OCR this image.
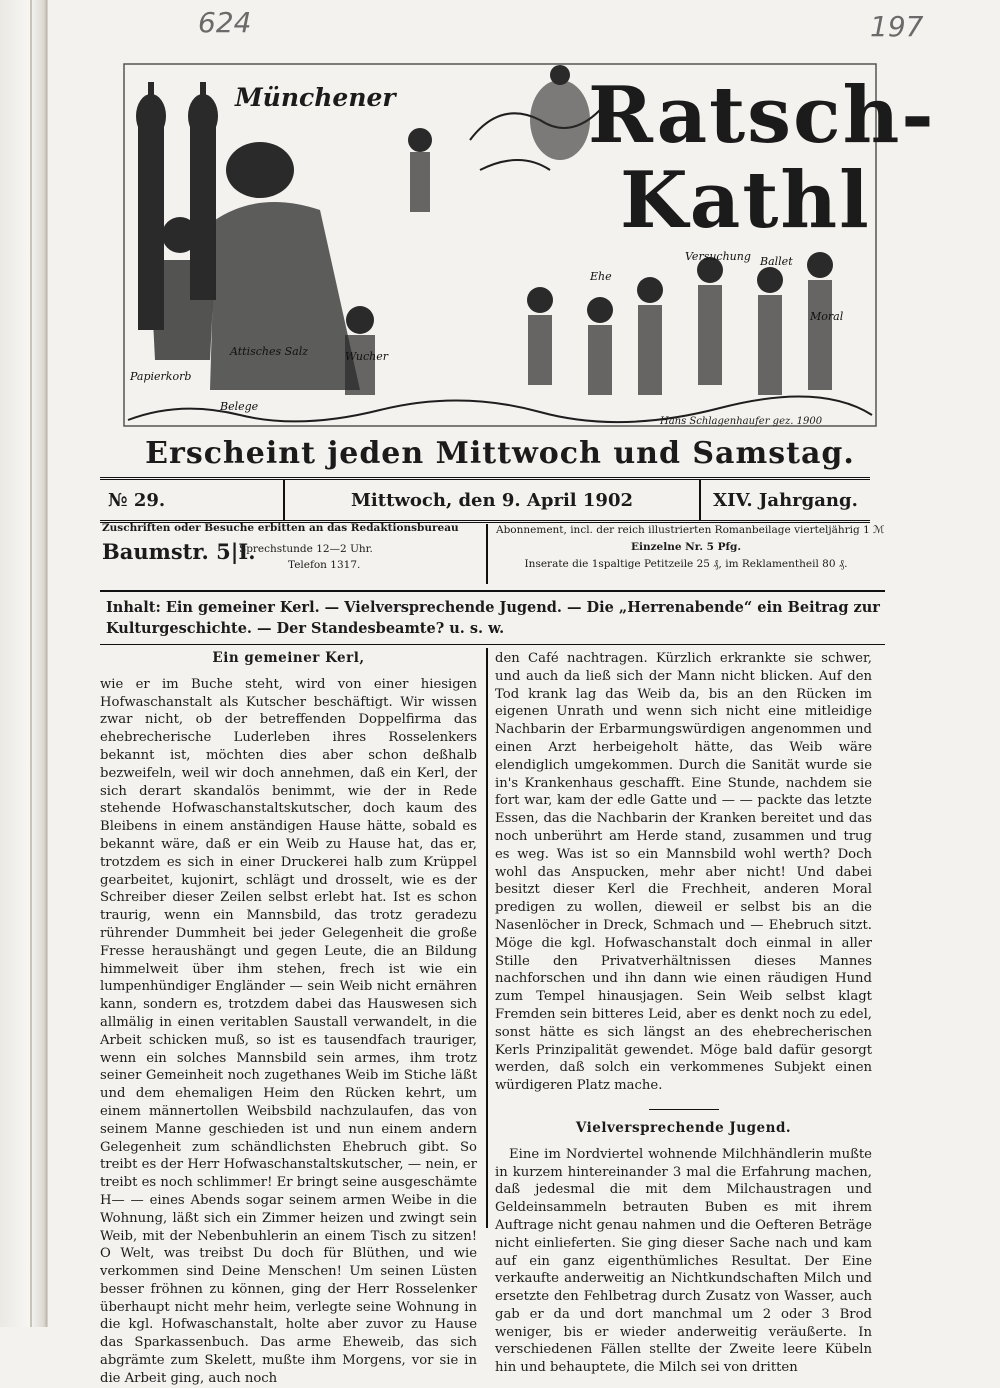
624	197
Attisches Salz
Papierkorb
Belege
Wucher
Ehe
Versuchung Ballet
Moral
Münchener Ratsch-
Kathl
Hans Schlagenhaufer gez. 1900
Erscheint jeden Mittwoch und Samstag.
№ 29.	Mittwoch, den 9. April 1902	XIV. Jahrgang.
Zuschriften oder Besuche erbitten an das Redaktionsbureau
Baumstr. 5|I.
Sprechstunde 12—2 Uhr.
Telefon 1317.
Abonnement, incl. der reich illustrierten Romanbeilage vierteljährig 1 ℳ
Einzelne Nr. 5 Pfg.
Inserate die 1spaltige Petitzeile 25 ₰, im Reklamentheil 80 ₰.
Inhalt: Ein gemeiner Kerl. — Vielversprechende Jugend. — Die „Herrenabende“ ein Beitrag zur Kulturgeschichte. — Der Standesbeamte? u. s. w.
Ein gemeiner Kerl,

wie er im Buche steht, wird von einer hiesigen Hofwaschanstalt als Kutscher beschäftigt. Wir wissen zwar nicht, ob der betreffenden Doppelfirma das ehebrecherische Luderleben ihres Rosselenkers bekannt ist, möchten dies aber schon deßhalb bezweifeln, weil wir doch annehmen, daß ein Kerl, der sich derart skandalös benimmt, wie der in Rede stehende Hofwaschanstaltskutscher, doch kaum des Bleibens in einem anständigen Hause hätte, sobald es bekannt wäre, daß er ein Weib zu Hause hat, das er, trotzdem es sich in einer Druckerei halb zum Krüppel gearbeitet, kujonirt, schlägt und drosselt, wie es der Schreiber dieser Zeilen selbst erlebt hat. Ist es schon traurig, wenn ein Mannsbild, das trotz geradezu rührender Dummheit bei jeder Gelegenheit die große Fresse heraushängt und gegen Leute, die an Bildung himmelweit über ihm stehen, frech ist wie ein lumpenhündiger Engländer — sein Weib nicht ernähren kann, sondern es, trotzdem dabei das Hauswesen sich allmälig in einen veritablen Saustall verwandelt, in die Arbeit schicken muß, so ist es tausendfach trauriger, wenn ein solches Mannsbild sein armes, ihm trotz seiner Gemeinheit noch zugethanes Weib im Stiche läßt und dem ehemaligen Heim den Rücken kehrt, um einem männertollen Weibsbild nachzulaufen, das von seinem Manne geschieden ist und nun einem andern Gelegenheit zum schändlichsten Ehebruch gibt. So treibt es der Herr Hofwaschanstaltskutscher, — nein, er treibt es noch schlimmer! Er bringt seine ausgeschämte H— — eines Abends sogar seinem armen Weibe in die Wohnung, läßt sich ein Zimmer heizen und zwingt sein Weib, mit der Nebenbuhlerin an einem Tisch zu sitzen! O Welt, was treibst Du doch für Blüthen, und wie verkommen sind Deine Menschen! Um seinen Lüsten besser fröhnen zu können, ging der Herr Rosselenker überhaupt nicht mehr heim, verlegte seine Wohnung in die kgl. Hofwaschanstalt, holte aber zuvor zu Hause das Sparkassenbuch. Das arme Eheweib, das sich abgrämte zum Skelett, mußte ihm Morgens, vor sie in die Arbeit ging, auch noch

den Café nachtragen. Kürzlich erkrankte sie schwer, und auch da ließ sich der Mann nicht blicken. Auf den Tod krank lag das Weib da, bis an den Rücken im eigenen Unrath und wenn sich nicht eine mitleidige Nachbarin der Erbarmungswürdigen angenommen und einen Arzt herbeigeholt hätte, das Weib wäre elendiglich umgekommen. Durch die Sanität wurde sie in's Krankenhaus geschafft. Eine Stunde, nachdem sie fort war, kam der edle Gatte und — — packte das letzte Essen, das die Nachbarin der Kranken bereitet und das noch unberührt am Herde stand, zusammen und trug es weg. Was ist so ein Mannsbild wohl werth? Doch wohl das Anspucken, mehr aber nicht! Und dabei besitzt dieser Kerl die Frechheit, anderen Moral predigen zu wollen, dieweil er selbst bis an die Nasenlöcher in Dreck, Schmach und — Ehebruch sitzt. Möge die kgl. Hofwaschanstalt doch einmal in aller Stille den Privatverhältnissen dieses Mannes nachforschen und ihn dann wie einen räudigen Hund zum Tempel hinausjagen. Sein Weib selbst klagt Fremden sein bitteres Leid, aber es denkt noch zu edel, sonst hätte es sich längst an des ehebrecherischen Kerls Prinzipalität gewendet. Möge bald dafür gesorgt werden, daß solch ein verkommenes Subjekt einen würdigeren Platz mache.

Vielversprechende Jugend.

Eine im Nordviertel wohnende Milchhändlerin mußte in kurzem hintereinander 3 mal die Erfahrung machen, daß jedesmal die mit dem Milchaustragen und Geldeinsammeln betrauten Buben es mit ihrem Auftrage nicht genau nahmen und die Oefteren Beträge nicht einlieferten. Sie ging dieser Sache nach und kam auf ein ganz eigenthümliches Resultat. Der Eine verkaufte anderweitig an Nichtkundschaften Milch und ersetzte den Fehlbetrag durch Zusatz von Wasser, auch gab er da und dort manchmal um 2 oder 3 Brod weniger, bis er wieder anderweitig veräußerte. In verschiedenen Fällen stellte der Zweite leere Kübeln hin und behauptete, die Milch sei von dritten
